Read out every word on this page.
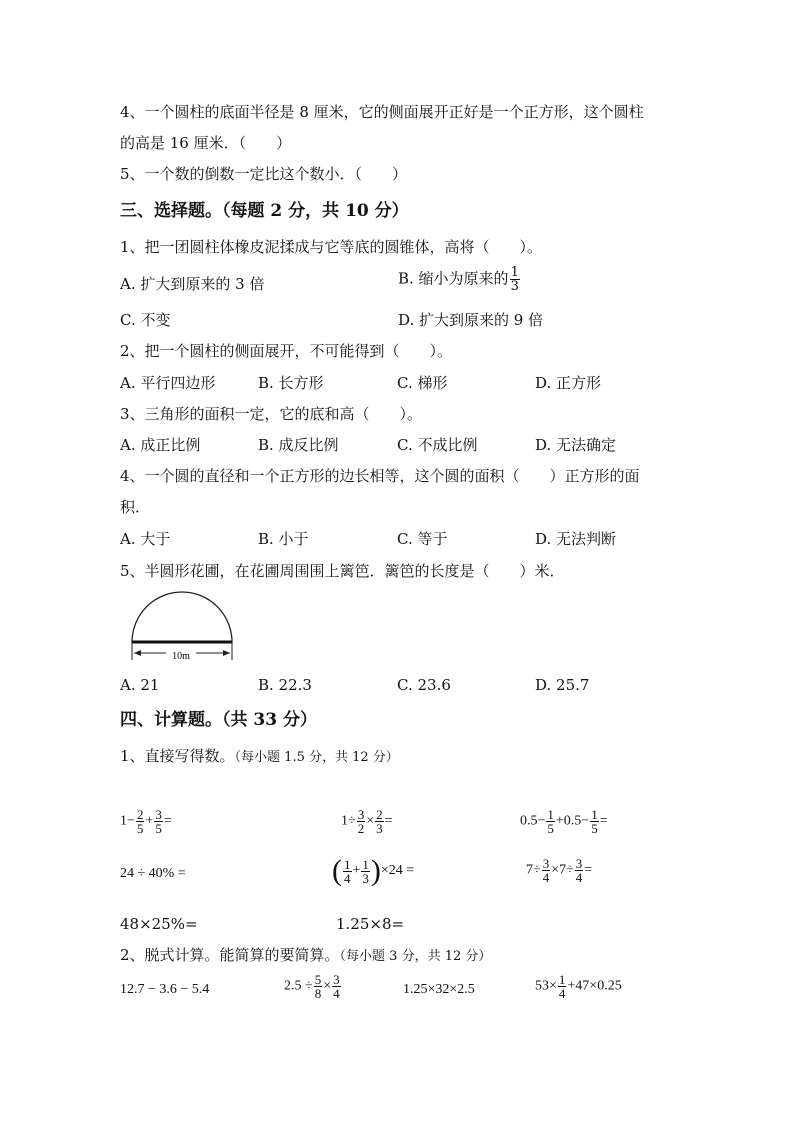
4、一个圆柱的底面半径是 8 厘米，它的侧面展开正好是一个正方形，这个圆柱
的高是 16 厘米．（　　）
5、一个数的倒数一定比这个数小．（　　）
三、选择题。（每题 2 分，共 10 分）
1、把一团圆柱体橡皮泥揉成与它等底的圆锥体，高将（　　）。
A. 扩大到原来的 3 倍	B. 缩小为原来的 $\frac{1}{3}$
C. 不变	D. 扩大到原来的 9 倍
2、把一个圆柱的侧面展开，不可能得到（　　）。
A. 平行四边形	B. 长方形	C. 梯形	D. 正方形
3、三角形的面积一定，它的底和高（　　）。
A. 成正比例	B. 成反比例	C. 不成比例	D. 无法确定
4、一个圆的直径和一个正方形的边长相等，这个圆的面积（　　）正方形的面
积．
A. 大于	B. 小于	C. 等于	D. 无法判断
5、半圆形花圃，在花圃周围围上篱笆．篱笆的长度是（　　）米．
10m
A. 21	B. 22.3	C. 23.6	D. 25.7
四、计算题。（共 33 分）
1、直接写得数。（每小题 1.5 分，共 12 分）
$1- \frac{2}{5} + \frac{3}{5}$ =	$1\div \frac{3}{2} \times \frac{2}{3}$ =	$0.5- \frac{1}{5} +0.5- \frac{1}{5}$ =
24 ÷ 40% =	( $\frac{1}{4} + \frac{1}{3} )\times 24$ =	$7\div \frac{3}{4} \times 7\div \frac{3}{4}$ =
48×25%=	1.25×8=
2、脱式计算。能简算的要简算。（每小题 3 分，共 12 分）
12.7 − 3.6 − 5.4	$2.5 \div \frac{5}{8} \times \frac{3}{4}$	1.25×32×2.5	$53\times \frac{1}{4} +47\times 0.25$
